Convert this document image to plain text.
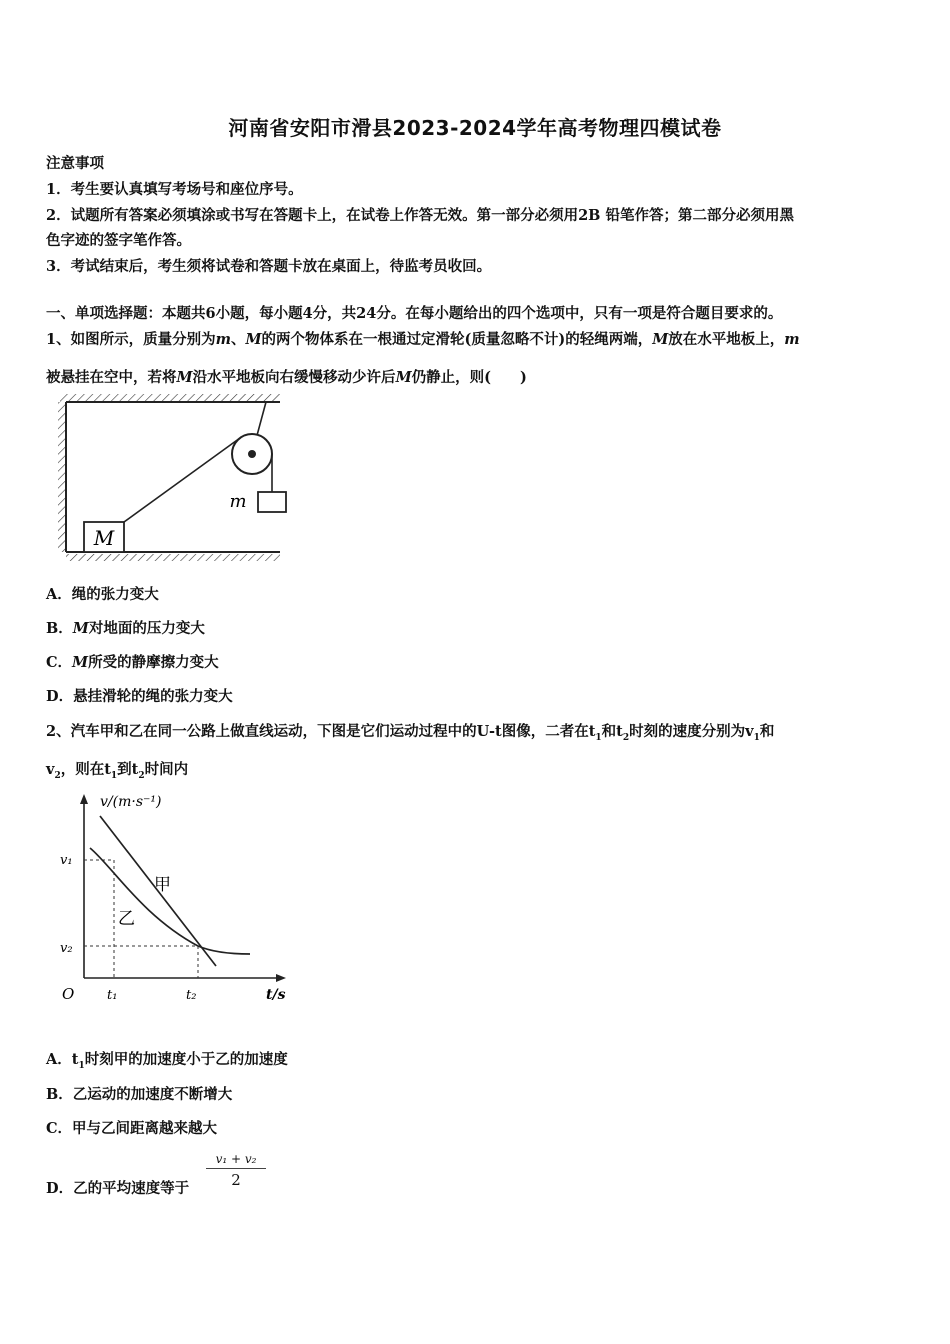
河南省安阳市滑县2023-2024学年高考物理四模试卷
注意事项
1．考生要认真填写考场号和座位序号。
2．试题所有答案必须填涂或书写在答题卡上，在试卷上作答无效。第一部分必须用2B 铅笔作答；第二部分必须用黑
色字迹的签字笔作答。
3．考试结束后，考生须将试卷和答题卡放在桌面上，待监考员收回。
一、单项选择题：本题共6小题，每小题4分，共24分。在每小题给出的四个选项中，只有一项是符合题目要求的。
1、如图所示，质量分别为m、M的两个物体系在一根通过定滑轮(质量忽略不计)的轻绳两端，M放在水平地板上，m
被悬挂在空中，若将M沿水平地板向右缓慢移动少许后M仍静止，则(　　)
M
m
A．绳的张力变大
B．M对地面的压力变大
C．M所受的静摩擦力变大
D．悬挂滑轮的绳的张力变大
2、汽车甲和乙在同一公路上做直线运动，下图是它们运动过程中的U-t图像，二者在$t_1$和$t_2$时刻的速度分别为$v_1$和
$v_2$，则在$t_1$到$t_2$时间内
v/(m·s⁻¹)
t/s
O
v₁
v₂
t₁	t₂
甲
乙
A．$t_1$时刻甲的加速度小于乙的加速度
B．乙运动的加速度不断增大
C．甲与乙间距离越来越大
D．乙的平均速度等于
v₁ + v₂
2
